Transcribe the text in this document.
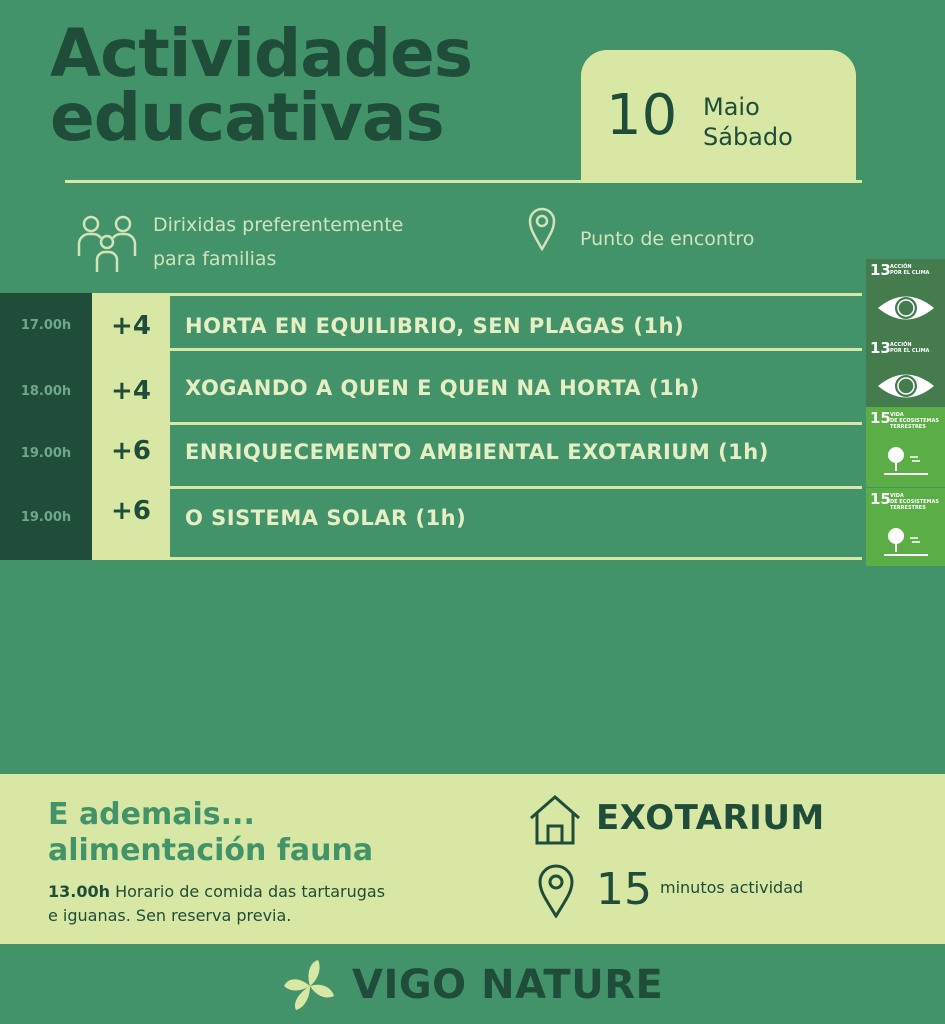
Actividades
educativas	10 Maio
Sábado
Dirixidas preferentemente
para familias
Punto de encontro
17.00h	+4	HORTA EN EQUILIBRIO, SEN PLAGAS (1h)
18.00h	+4	XOGANDO A QUEN E QUEN NA HORTA (1h)
19.00h	+6	ENRIQUECEMENTO AMBIENTAL EXOTARIUM (1h)
19.00h	+6	O SISTEMA SOLAR (1h)
13 ACCIÓN
POR EL CLIMA
13 ACCIÓN
POR EL CLIMA
15 VIDA
DE ECOSISTEMAS
TERRESTRES
15 VIDA
DE ECOSISTEMAS
TERRESTRES
E ademais...
alimentación fauna
13.00h Horario de comida das tartarugas
e iguanas. Sen reserva previa.
EXOTARIUM
15 minutos actividad
VIGO NATURE
